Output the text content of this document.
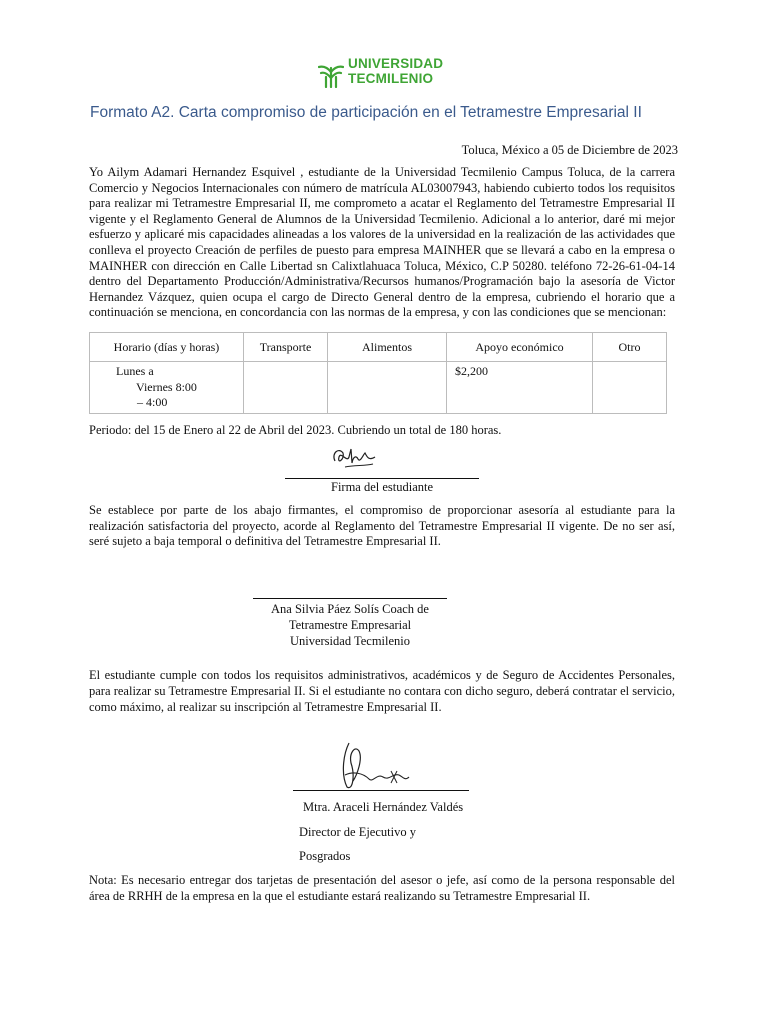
UNIVERSIDAD
TECMILENIO
Formato A2. Carta compromiso de participación en el Tetramestre Empresarial II
Toluca, México a 05 de Diciembre de 2023
Yo Ailym Adamari Hernandez Esquivel , estudiante de la Universidad Tecmilenio Campus Toluca, de la carrera Comercio y Negocios Internacionales con número de matrícula AL03007943, habiendo cubierto todos los requisitos para realizar mi Tetramestre Empresarial II, me comprometo a acatar el Reglamento del Tetramestre Empresarial II vigente y el Reglamento General de Alumnos de la Universidad Tecmilenio. Adicional a lo anterior, daré mi mejor esfuerzo y aplicaré mis capacidades alineadas a los valores de la universidad en la realización de las actividades que conlleva el proyecto Creación de perfiles de puesto para empresa MAINHER que se llevará a cabo en la empresa o MAINHER con dirección en Calle Libertad sn Calixtlahuaca Toluca, México, C.P 50280. teléfono 72-26-61-04-14 dentro del Departamento Producción/Administrativa/Recursos humanos/Programación bajo la asesoría de Victor Hernandez Vázquez, quien ocupa el cargo de Directo General dentro de la empresa, cubriendo el horario que a continuación se menciona, en concordancia con las normas de la empresa, y con las condiciones que se mencionan:
Horario (días y horas)	Transporte	Alimentos	Apoyo económico	Otro

Lunes a
Viernes 8:00
– 4:00			$2,200	
Periodo: del 15 de Enero al 22 de Abril del 2023. Cubriendo un total de 180 horas.
Firma del estudiante
Se establece por parte de los abajo firmantes, el compromiso de proporcionar asesoría al estudiante para la realización satisfactoria del proyecto, acorde al Reglamento del Tetramestre Empresarial II vigente. De no ser así, seré sujeto a baja temporal o definitiva del Tetramestre Empresarial II.
Ana Silvia Páez Solís Coach de
Tetramestre Empresarial
Universidad Tecmilenio
El estudiante cumple con todos los requisitos administrativos, académicos y de Seguro de Accidentes Personales, para realizar su Tetramestre Empresarial II. Si el estudiante no contara con dicho seguro, deberá contratar el servicio, como máximo, al realizar su inscripción al Tetramestre Empresarial II.
Mtra. Araceli Hernández Valdés
Director de Ejecutivo y
Posgrados
Nota: Es necesario entregar dos tarjetas de presentación del asesor o jefe, así como de la persona responsable del área de RRHH de la empresa en la que el estudiante estará realizando su Tetramestre Empresarial II.
